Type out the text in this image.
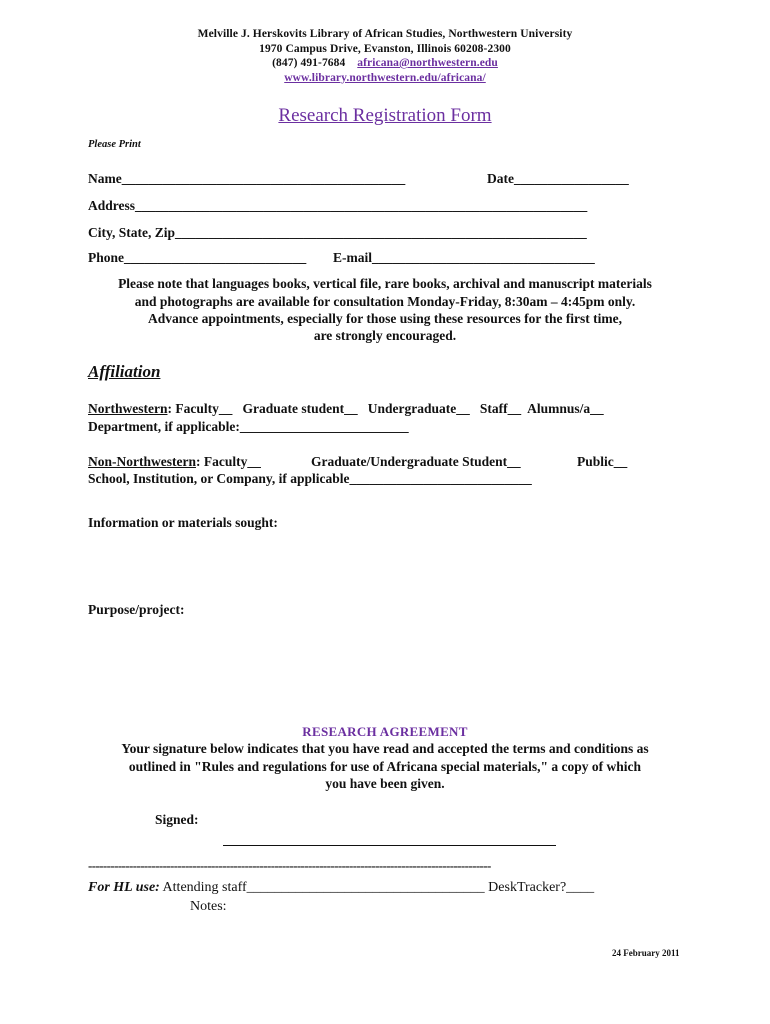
Melville J. Herskovits Library of African Studies, Northwestern University
1970 Campus Drive, Evanston, Illinois 60208-2300
(847) 491-7684 africana@northwestern.edu
www.library.northwestern.edu/africana/
Research Registration Form
Please Print
Name__________________________________________	Date_________________
Address___________________________________________________________________
City, State, Zip_____________________________________________________________
Phone___________________________ E-mail_________________________________
Please note that languages books, vertical file, rare books, archival and manuscript materials
and photographs are available for consultation Monday-Friday, 8:30am – 4:45pm only.
Advance appointments, especially for those using these resources for the first time,
are strongly encouraged.
Affiliation
Northwestern: Faculty__   Graduate student__   Undergraduate__   Staff__  Alumnus/a__
Department, if applicable:_________________________
Non-Northwestern: Faculty__	Graduate/Undergraduate Student__	Public__
School, Institution, or Company, if applicable___________________________
Information or materials sought:
Purpose/project:
RESEARCH AGREEMENT
Your signature below indicates that you have read and accepted the terms and conditions as
outlined in "Rules and regulations for use of Africana special materials," a copy of which
you have been given.
Signed:
------------------------------------------------------------------------------------------------------------
For HL use: Attending staff__________________________________ DeskTracker?____
Notes:
24 February 2011
